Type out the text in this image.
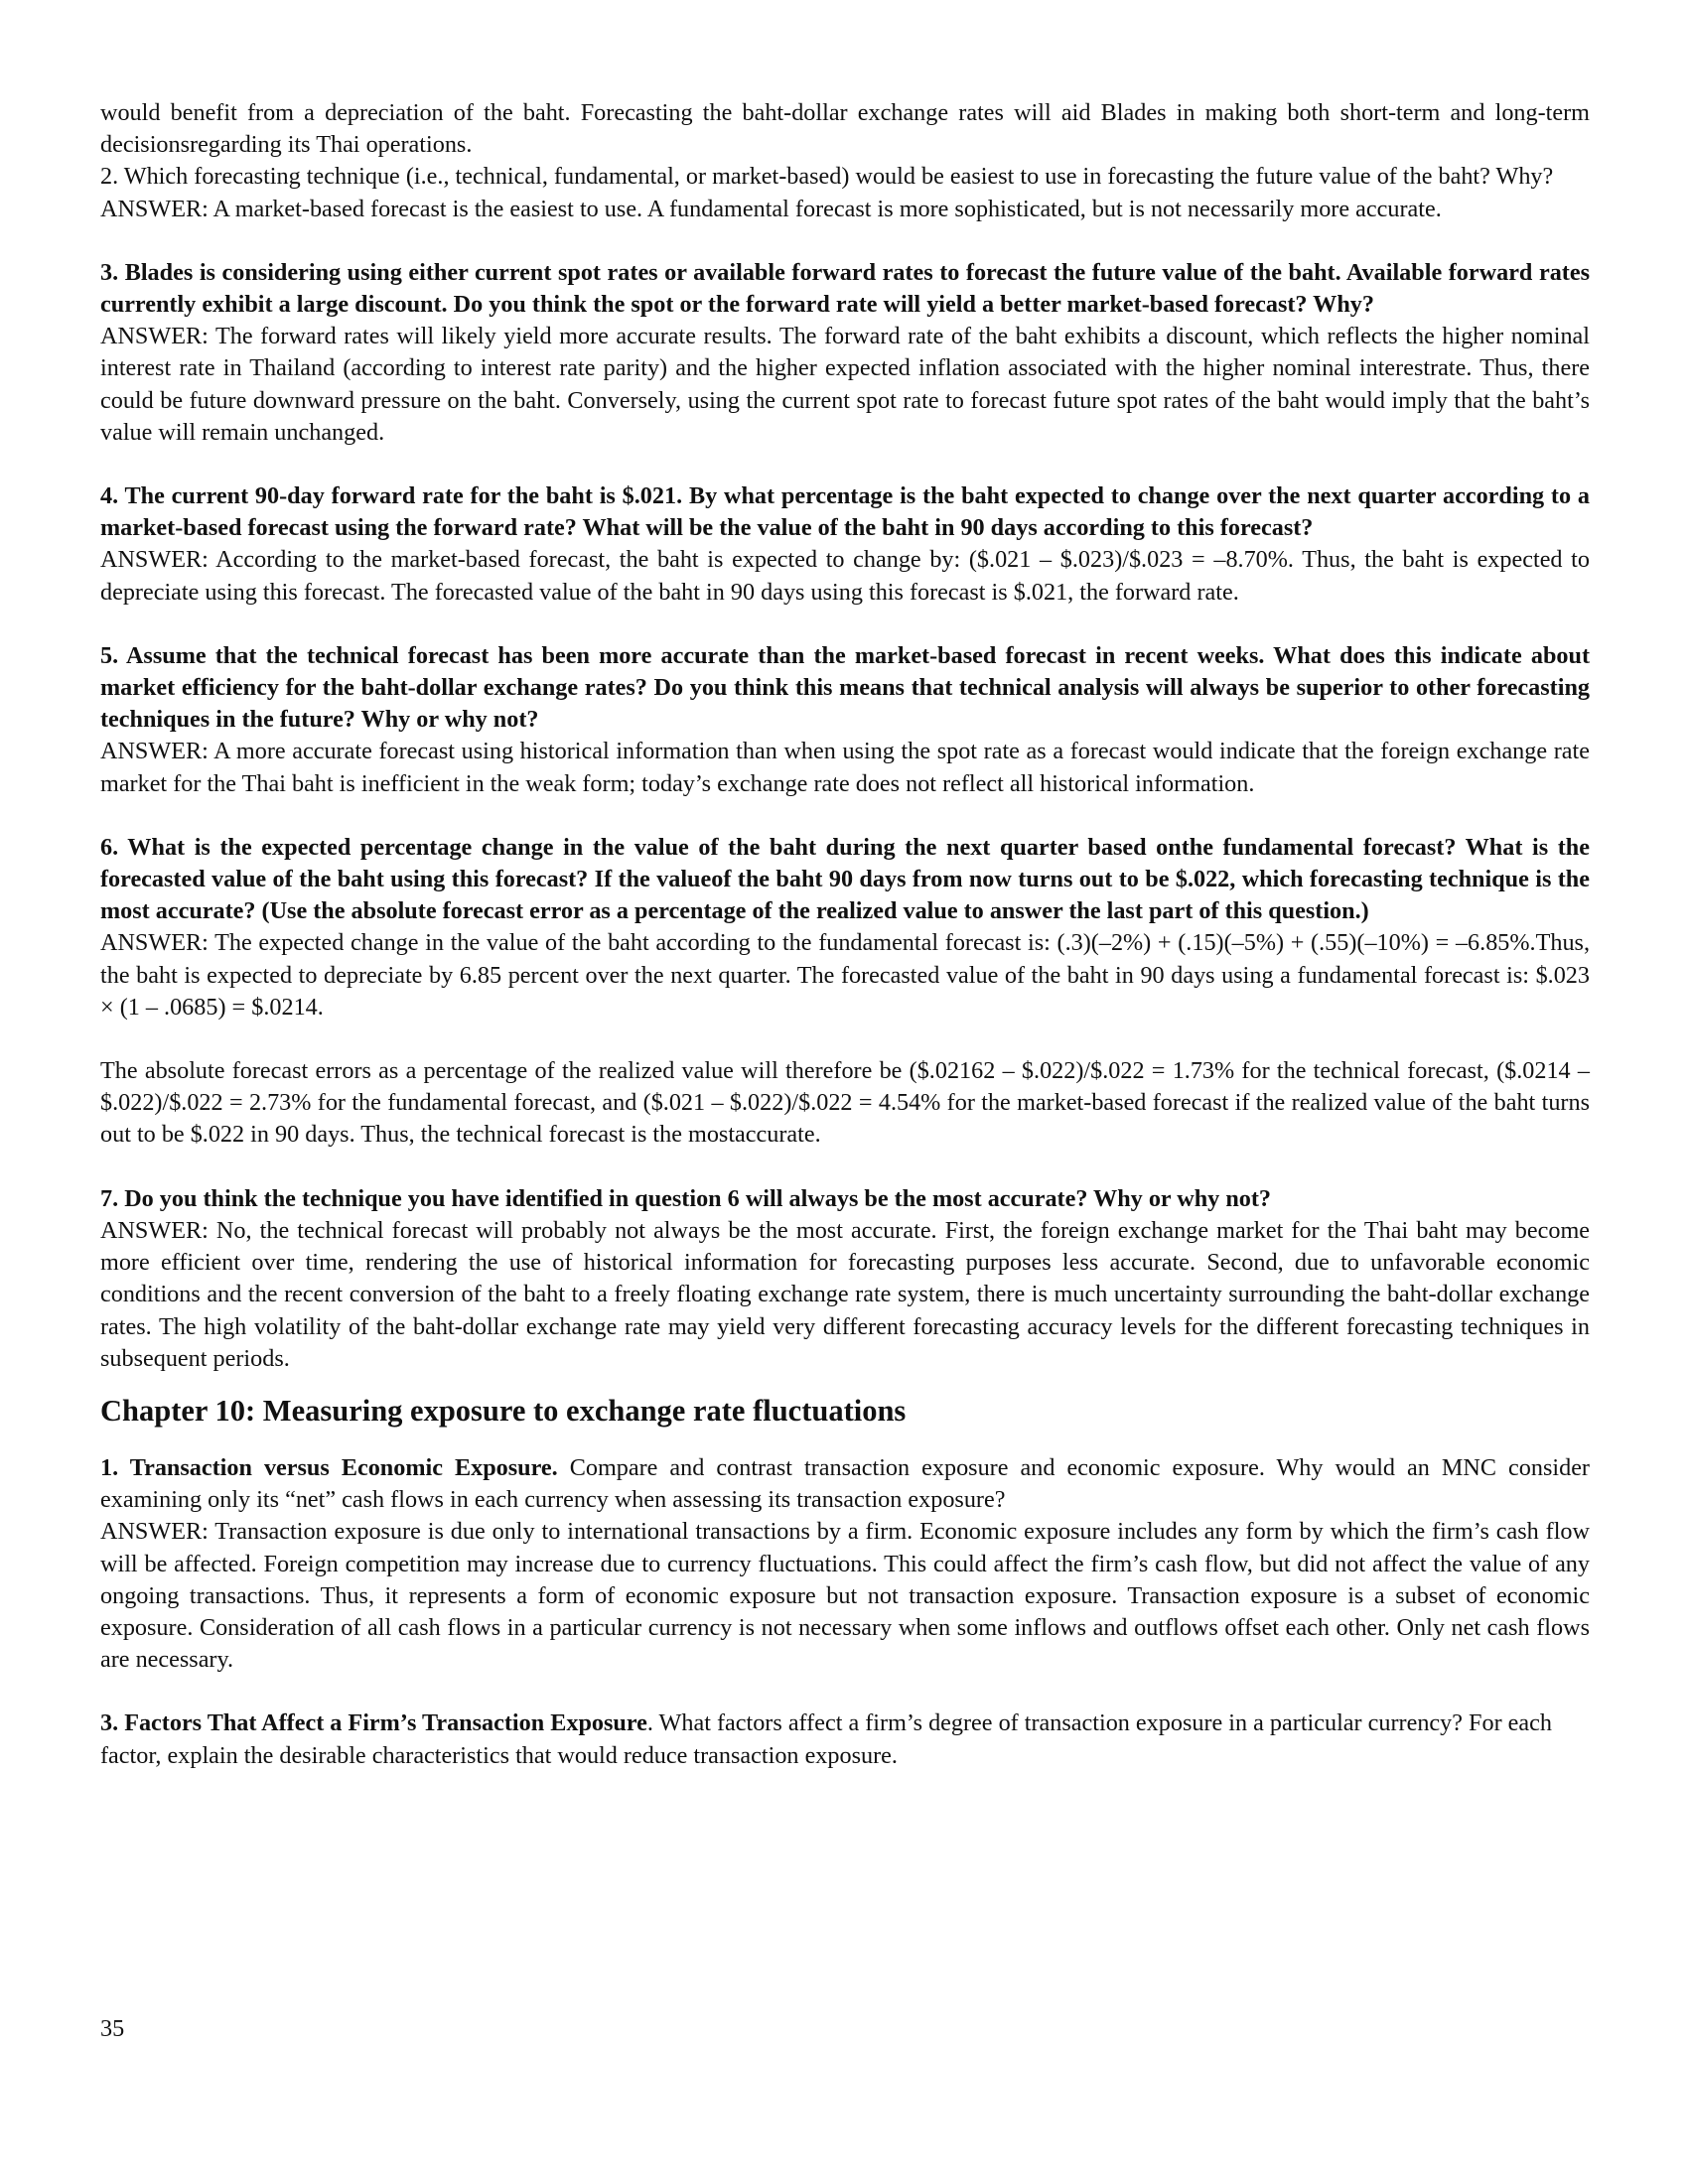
would benefit from a depreciation of the baht. Forecasting the baht-dollar exchange rates will aid Blades in making both short-term and long-term decisionsregarding its Thai operations.

2. Which forecasting technique (i.e., technical, fundamental, or market-based) would be easiest to use in forecasting the future value of the baht? Why?

ANSWER: A market-based forecast is the easiest to use. A fundamental forecast is more sophisticated, but is not necessarily more accurate.

3. Blades is considering using either current spot rates or available forward rates to forecast the future value of the baht. Available forward rates currently exhibit a large discount. Do you think the spot or the forward rate will yield a better market-based forecast? Why?

ANSWER: The forward rates will likely yield more accurate results. The forward rate of the baht exhibits a discount, which reflects the higher nominal interest rate in Thailand (according to interest rate parity) and the higher expected inflation associated with the higher nominal interestrate. Thus, there could be future downward pressure on the baht. Conversely, using the current spot rate to forecast future spot rates of the baht would imply that the baht’s value will remain unchanged.

4. The current 90-day forward rate for the baht is $.021. By what percentage is the baht expected to change over the next quarter according to a market-based forecast using the forward rate? What will be the value of the baht in 90 days according to this forecast?

ANSWER: According to the market-based forecast, the baht is expected to change by: ($.021 – $.023)/$.023 = –8.70%. Thus, the baht is expected to depreciate using this forecast. The forecasted value of the baht in 90 days using this forecast is $.021, the forward rate.

5. Assume that the technical forecast has been more accurate than the market-based forecast in recent weeks. What does this indicate about market efficiency for the baht-dollar exchange rates? Do you think this means that technical analysis will always be superior to other forecasting techniques in the future? Why or why not?

ANSWER: A more accurate forecast using historical information than when using the spot rate as a forecast would indicate that the foreign exchange rate market for the Thai baht is inefficient in the weak form; today’s exchange rate does not reflect all historical information.

6. What is the expected percentage change in the value of the baht during the next quarter based onthe fundamental forecast? What is the forecasted value of the baht using this forecast? If the valueof the baht 90 days from now turns out to be $.022, which forecasting technique is the most accurate? (Use the absolute forecast error as a percentage of the realized value to answer the last part of this question.)

ANSWER: The expected change in the value of the baht according to the fundamental forecast is: (.3)(–2%) + (.15)(–5%) + (.55)(–10%) = –6.85%.Thus, the baht is expected to depreciate by 6.85 percent over the next quarter. The forecasted value of the baht in 90 days using a fundamental forecast is: $.023 × (1 – .0685) = $.0214.

The absolute forecast errors as a percentage of the realized value will therefore be ($.02162 – $.022)/$.022 = 1.73% for the technical forecast, ($.0214 – $.022)/$.022 = 2.73% for the fundamental forecast, and ($.021 – $.022)/$.022 = 4.54% for the market-based forecast if the realized value of the baht turns out to be $.022 in 90 days. Thus, the technical forecast is the mostaccurate.

7. Do you think the technique you have identified in question 6 will always be the most accurate? Why or why not?

ANSWER: No, the technical forecast will probably not always be the most accurate. First, the foreign exchange market for the Thai baht may become more efficient over time, rendering the use of historical information for forecasting purposes less accurate. Second, due to unfavorable economic conditions and the recent conversion of the baht to a freely floating exchange rate system, there is much uncertainty surrounding the baht-dollar exchange rates. The high volatility of the baht-dollar exchange rate may yield very different forecasting accuracy levels for the different forecasting techniques in subsequent periods.

Chapter 10: Measuring exposure to exchange rate fluctuations

1. Transaction versus Economic Exposure. Compare and contrast transaction exposure and economic exposure. Why would an MNC consider examining only its “net” cash flows in each currency when assessing its transaction exposure?

ANSWER: Transaction exposure is due only to international transactions by a firm. Economic exposure includes any form by which the firm’s cash flow will be affected. Foreign competition may increase due to currency fluctuations. This could affect the firm’s cash flow, but did not affect the value of any ongoing transactions. Thus, it represents a form of economic exposure but not transaction exposure. Transaction exposure is a subset of economic exposure. Consideration of all cash flows in a particular currency is not necessary when some inflows and outflows offset each other. Only net cash flows are necessary.

3. Factors That Affect a Firm’s Transaction Exposure. What factors affect a firm’s degree of transaction exposure in a particular currency? For each factor, explain the desirable characteristics that would reduce transaction exposure.

35
